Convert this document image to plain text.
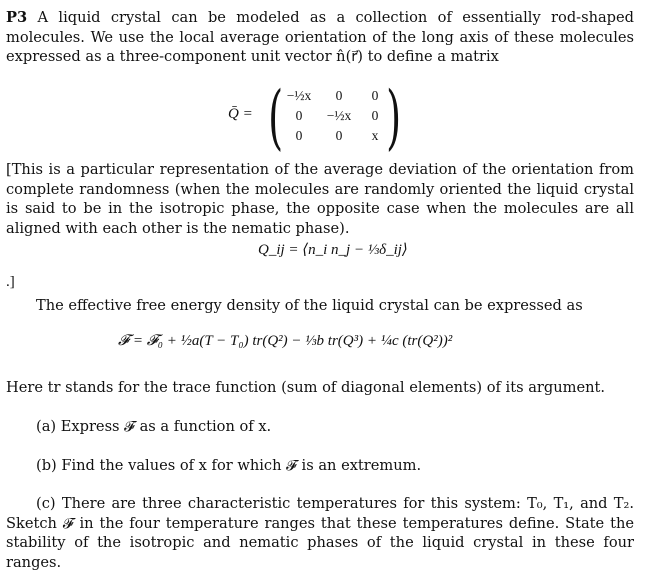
P3 A liquid crystal can be modeled as a collection of essentially rod-shaped molecules. We use the local average orientation of the long axis of these molecules expressed as a three-component unit vector n̂(r⃗) to define a matrix
Q̄ = ( −½x	0	0
0	−½x	0
0	0	x )
[This is a particular representation of the average deviation of the orientation from complete randomness (when the molecules are randomly oriented the liquid crystal is said to be in the isotropic phase, the opposite case when the molecules are all aligned with each other is the nematic phase).
Q_ij = ⟨n_i n_j − ⅓δ_ij⟩
.]
The effective free energy density of the liquid crystal can be expressed as
𝓕 = 𝓕₀ + ½a(T − T₀) tr(Q²) − ⅓b tr(Q³) + ¼c (tr(Q²))²
Here tr stands for the trace function (sum of diagonal elements) of its argument.
(a) Express 𝓕 as a function of x.
(b) Find the values of x for which 𝓕 is an extremum.
(c) There are three characteristic temperatures for this system: T₀, T₁, and T₂. Sketch 𝓕 in the four temperature ranges that these temperatures define. State the stability of the isotropic and nematic phases of the liquid crystal in these four ranges.
